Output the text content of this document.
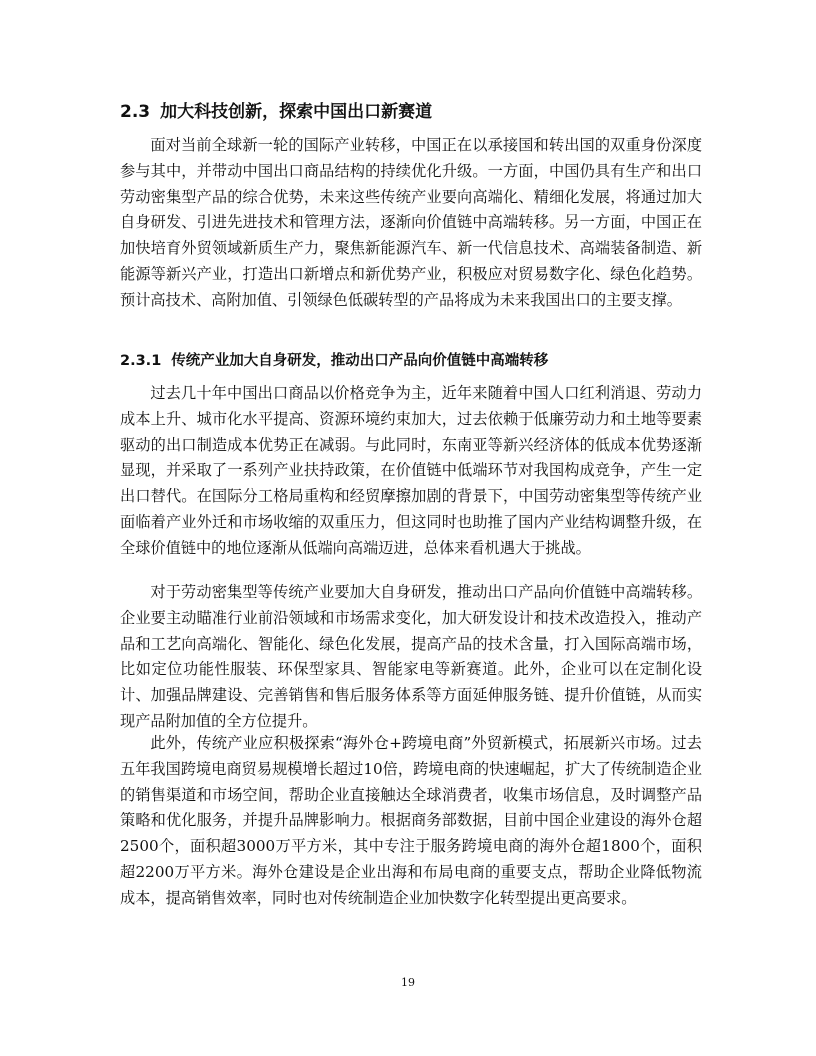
2.3 加大科技创新，探索中国出口新赛道

面对当前全球新一轮的国际产业转移，中国正在以承接国和转出国的双重身份深度参与其中，并带动中国出口商品结构的持续优化升级。一方面，中国仍具有生产和出口劳动密集型产品的综合优势，未来这些传统产业要向高端化、精细化发展，将通过加大自身研发、引进先进技术和管理方法，逐渐向价值链中高端转移。另一方面，中国正在加快培育外贸领域新质生产力，聚焦新能源汽车、新一代信息技术、高端装备制造、新能源等新兴产业，打造出口新增点和新优势产业，积极应对贸易数字化、绿色化趋势。预计高技术、高附加值、引领绿色低碳转型的产品将成为未来我国出口的主要支撑。

2.3.1 传统产业加大自身研发，推动出口产品向价值链中高端转移

过去几十年中国出口商品以价格竞争为主，近年来随着中国人口红利消退、劳动力成本上升、城市化水平提高、资源环境约束加大，过去依赖于低廉劳动力和土地等要素驱动的出口制造成本优势正在减弱。与此同时，东南亚等新兴经济体的低成本优势逐渐显现，并采取了一系列产业扶持政策，在价值链中低端环节对我国构成竞争，产生一定出口替代。在国际分工格局重构和经贸摩擦加剧的背景下，中国劳动密集型等传统产业面临着产业外迁和市场收缩的双重压力，但这同时也助推了国内产业结构调整升级，在全球价值链中的地位逐渐从低端向高端迈进，总体来看机遇大于挑战。

对于劳动密集型等传统产业要加大自身研发，推动出口产品向价值链中高端转移。企业要主动瞄准行业前沿领域和市场需求变化，加大研发设计和技术改造投入，推动产品和工艺向高端化、智能化、绿色化发展，提高产品的技术含量，打入国际高端市场，比如定位功能性服装、环保型家具、智能家电等新赛道。此外，企业可以在定制化设计、加强品牌建设、完善销售和售后服务体系等方面延伸服务链、提升价值链，从而实现产品附加值的全方位提升。

此外，传统产业应积极探索“海外仓+跨境电商”外贸新模式，拓展新兴市场。过去五年我国跨境电商贸易规模增长超过10倍，跨境电商的快速崛起，扩大了传统制造企业的销售渠道和市场空间，帮助企业直接触达全球消费者，收集市场信息，及时调整产品策略和优化服务，并提升品牌影响力。根据商务部数据，目前中国企业建设的海外仓超2500个，面积超3000万平方米，其中专注于服务跨境电商的海外仓超1800个，面积超2200万平方米。海外仓建设是企业出海和布局电商的重要支点，帮助企业降低物流成本，提高销售效率，同时也对传统制造企业加快数字化转型提出更高要求。

19
